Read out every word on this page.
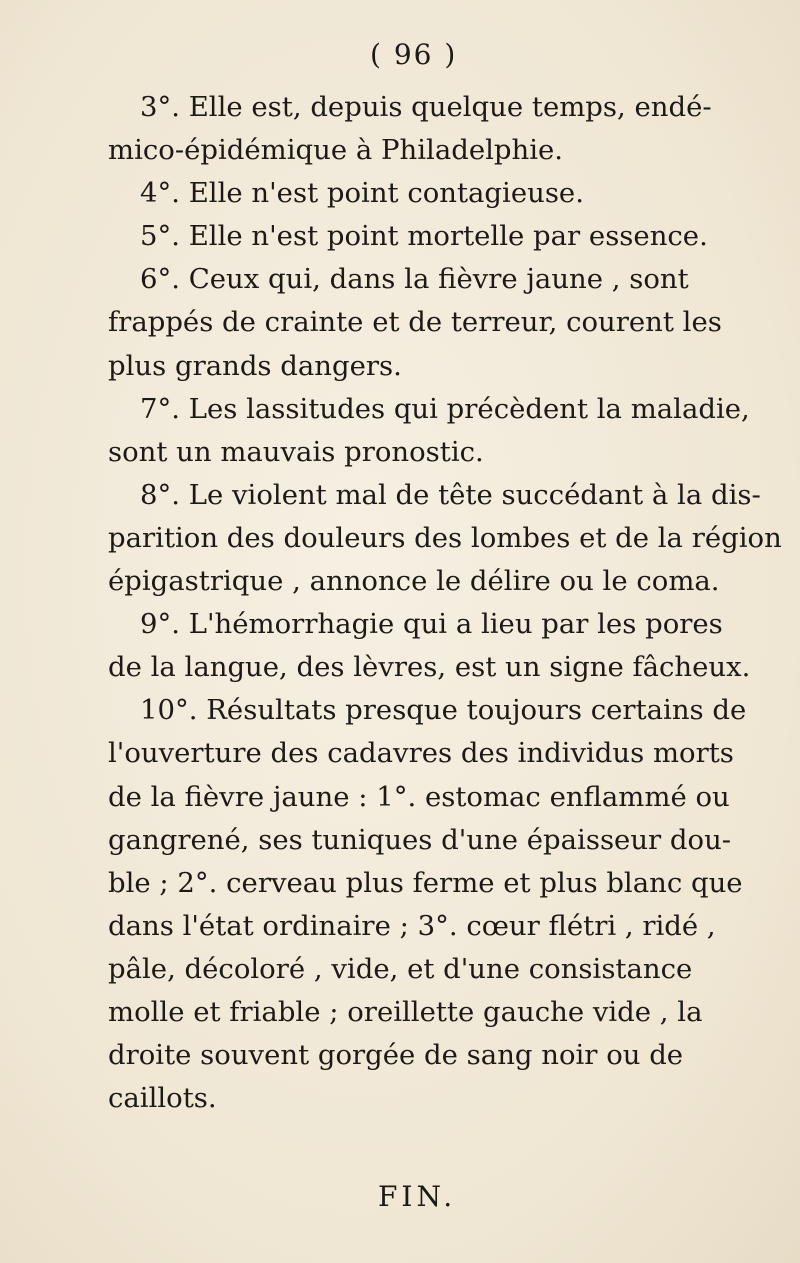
( 96 )
3°. Elle est, depuis quelque temps, endé-
mico-épidémique à Philadelphie.
4°. Elle n'est point contagieuse.
5°. Elle n'est point mortelle par essence.
6°. Ceux qui, dans la fièvre jaune , sont
frappés de crainte et de terreur, courent les
plus grands dangers.
7°. Les lassitudes qui précèdent la maladie,
sont un mauvais pronostic.
8°. Le violent mal de tête succédant à la dis-
parition des douleurs des lombes et de la région
épigastrique , annonce le délire ou le coma.
9°. L'hémorrhagie qui a lieu par les pores
de la langue, des lèvres, est un signe fâcheux.
10°. Résultats presque toujours certains de
l'ouverture des cadavres des individus morts
de la fièvre jaune : 1°. estomac enflammé ou
gangrené, ses tuniques d'une épaisseur dou-
ble ; 2°. cerveau plus ferme et plus blanc que
dans l'état ordinaire ; 3°. cœur flétri , ridé ,
pâle, décoloré , vide, et d'une consistance
molle et friable ; oreillette gauche vide , la
droite souvent gorgée de sang noir ou de
caillots.
FIN.
